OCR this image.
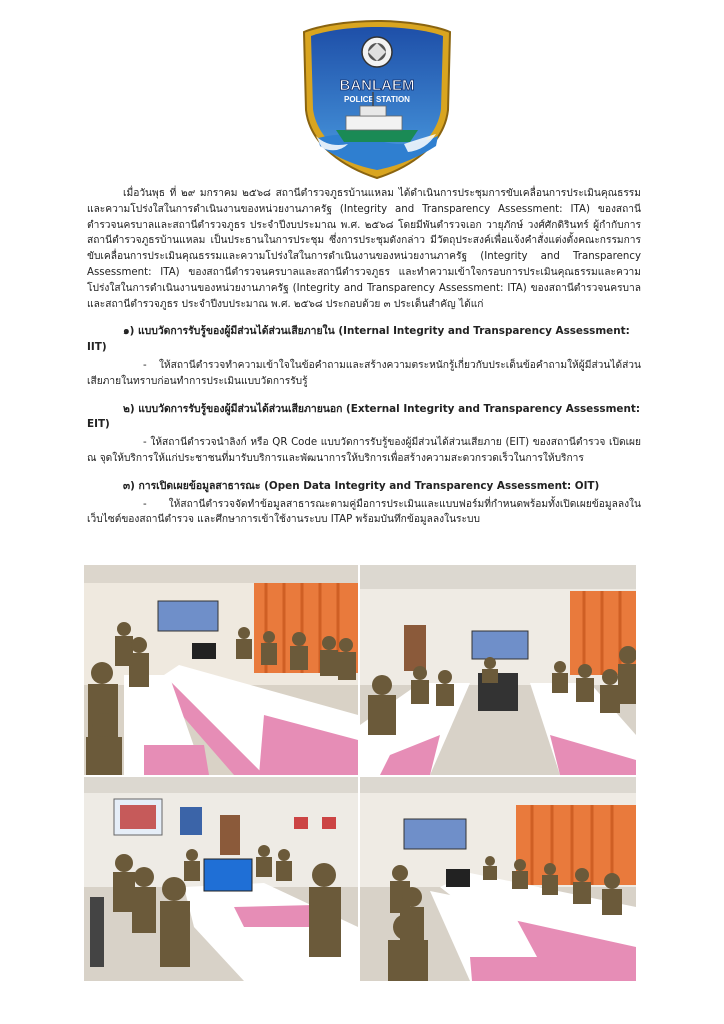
BANLAEM
POLICE STATION

เมื่อวันพุธ ที่ ๒๙ มกราคม ๒๕๖๘ สถานีตำรวจภูธรบ้านแหลม ได้ดำเนินการประชุมการขับเคลื่อนการประเมินคุณธรรมและความโปร่งใสในการดำเนินงานของหน่วยงานภาครัฐ (Integrity and Transparency Assessment: ITA) ของสถานีตำรวจนครบาลและสถานีตำรวจภูธร ประจำปีงบประมาณ พ.ศ. ๒๕๖๘ โดยมีพันตำรวจเอก วายุภักษ์ วงศ์ศักดิรินทร์ ผู้กำกับการสถานีตำรวจภูธรบ้านแหลม เป็นประธานในการประชุม ซึ่งการประชุมดังกล่าว มีวัตถุประสงค์เพื่อแจ้งคำสั่งแต่งตั้งคณะกรรมการขับเคลื่อนการประเมินคุณธรรมและความโปร่งใสในการดำเนินงานของหน่วยงานภาครัฐ (Integrity and Transparency Assessment: ITA) ของสถานีตำรวจนครบาลและสถานีตำรวจภูธร และทำความเข้าใจกรอบการประเมินคุณธรรมและความโปร่งใสในการดำเนินงานของหน่วยงานภาครัฐ (Integrity and Transparency Assessment: ITA) ของสถานีตำรวจนครบาลและสถานีตำรวจภูธร ประจำปีงบประมาณ พ.ศ. ๒๕๖๘ ประกอบด้วย ๓ ประเด็นสำคัญ ได้แก่

๑) แบบวัดการรับรู้ของผู้มีส่วนได้ส่วนเสียภายใน (Internal Integrity and Transparency Assessment: IIT)

- ให้สถานีตำรวจทำความเข้าใจในข้อคำถามและสร้างความตระหนักรู้เกี่ยวกับประเด็นข้อคำถามให้ผู้มีส่วนได้ส่วนเสียภายในทราบก่อนทำการประเมินแบบวัดการรับรู้

๒) แบบวัดการรับรู้ของผู้มีส่วนได้ส่วนเสียภายนอก (External Integrity and Transparency Assessment: EIT)

- ให้สถานีตำรวจนำลิงก์ หรือ QR Code แบบวัดการรับรู้ของผู้มีส่วนได้ส่วนเสียภาย (EIT) ของสถานีตำรวจ เปิดเผย ณ จุดให้บริการให้แก่ประชาชนที่มารับบริการและพัฒนาการให้บริการเพื่อสร้างความสะดวกรวดเร็วในการให้บริการ

๓) การเปิดเผยข้อมูลสาธารณะ (Open Data Integrity and Transparency Assessment: OIT)

- ให้สถานีตำรวจจัดทำข้อมูลสาธารณะตามคู่มือการประเมินและแบบฟอร์มที่กำหนดพร้อมทั้งเปิดเผยข้อมูลลงในเว็บไซต์ของสถานีตำรวจ และศึกษาการเข้าใช้งานระบบ ITAP พร้อมบันทึกข้อมูลลงในระบบ
